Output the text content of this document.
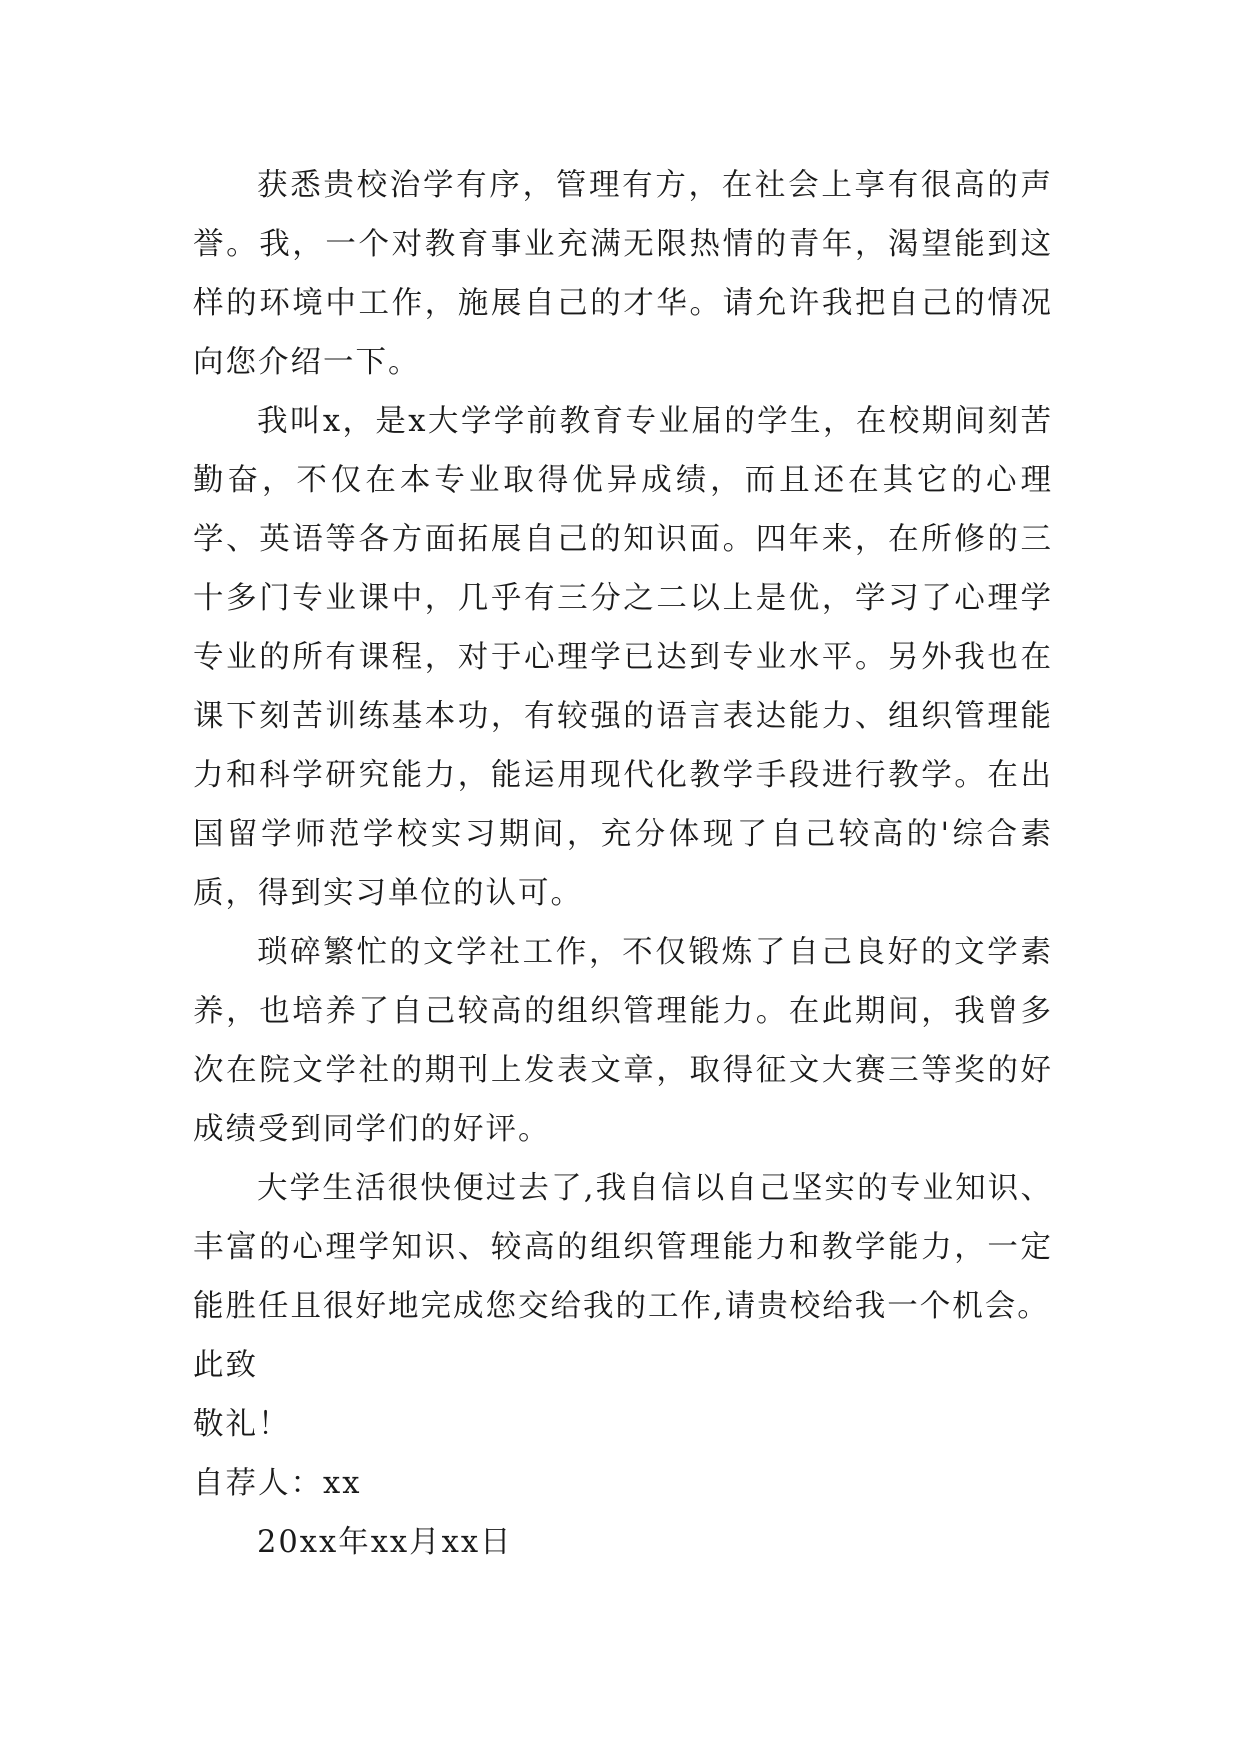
获悉贵校治学有序，管理有方，在社会上享有很高的声誉。我，一个对教育事业充满无限热情的青年，渴望能到这样的环境中工作，施展自己的才华。请允许我把自己的情况向您介绍一下。

我叫x，是x大学学前教育专业届的学生，在校期间刻苦勤奋，不仅在本专业取得优异成绩，而且还在其它的心理学、英语等各方面拓展自己的知识面。四年来，在所修的三十多门专业课中，几乎有三分之二以上是优，学习了心理学专业的所有课程，对于心理学已达到专业水平。另外我也在课下刻苦训练基本功，有较强的语言表达能力、组织管理能力和科学研究能力，能运用现代化教学手段进行教学。在出国留学师范学校实习期间，充分体现了自己较高的'综合素质，得到实习单位的认可。

琐碎繁忙的文学社工作，不仅锻炼了自己良好的文学素养，也培养了自己较高的组织管理能力。在此期间，我曾多次在院文学社的期刊上发表文章，取得征文大赛三等奖的好成绩受到同学们的好评。

大学生活很快便过去了,我自信以自己坚实的专业知识、丰富的心理学知识、较高的组织管理能力和教学能力，一定能胜任且很好地完成您交给我的工作,请贵校给我一个机会。

此致

敬礼！

自荐人：xx

20xx年xx月xx日
